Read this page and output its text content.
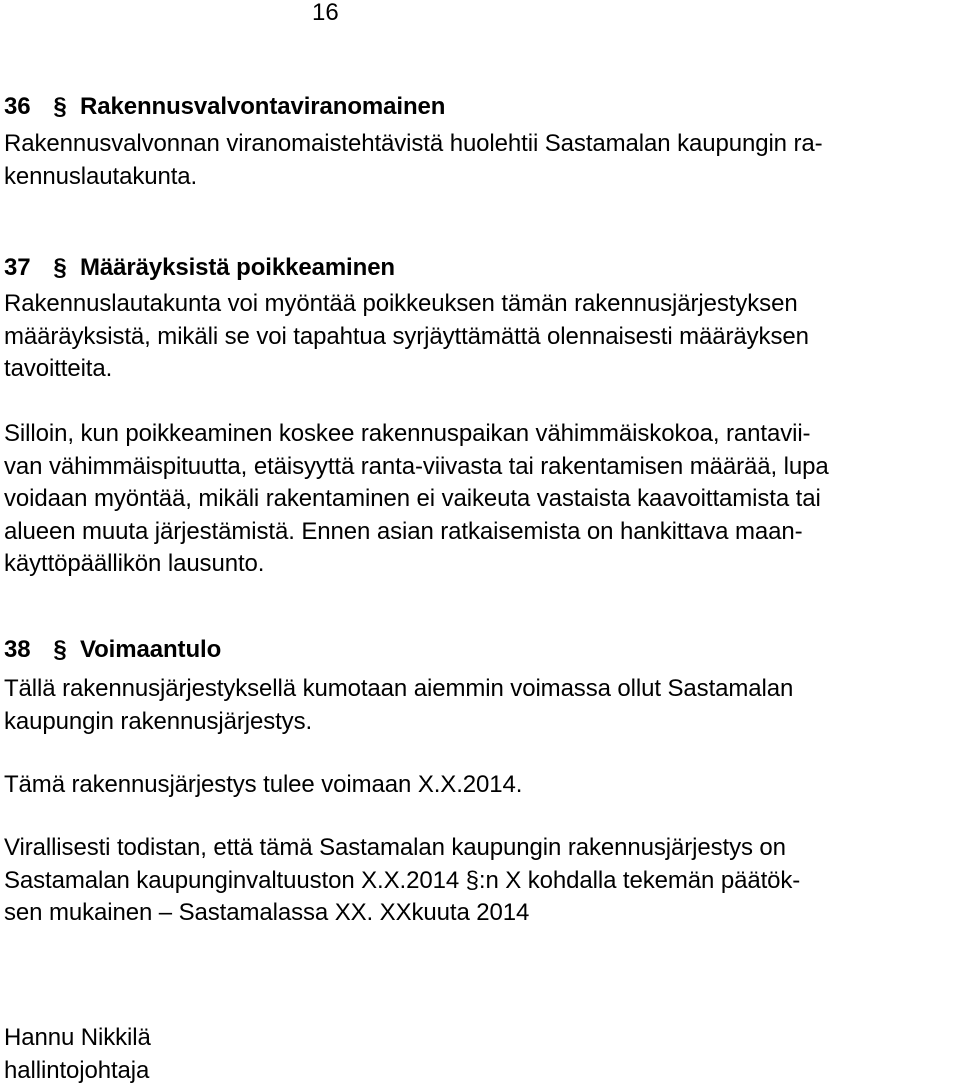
16
36 § Rakennusvalvontaviranomainen
Rakennusvalvonnan viranomaistehtävistä huolehtii Sastamalan kaupungin ra-
kennuslautakunta.
37 § Määräyksistä poikkeaminen
Rakennuslautakunta voi myöntää poikkeuksen tämän rakennusjärjestyksen
määräyksistä, mikäli se voi tapahtua syrjäyttämättä olennaisesti määräyksen
tavoitteita.
Silloin, kun poikkeaminen koskee rakennuspaikan vähimmäiskokoa, rantavii-
van vähimmäispituutta, etäisyyttä ranta-viivasta tai rakentamisen määrää, lupa
voidaan myöntää, mikäli rakentaminen ei vaikeuta vastaista kaavoittamista tai
alueen muuta järjestämistä. Ennen asian ratkaisemista on hankittava maan-
käyttöpäällikön lausunto.
38 § Voimaantulo
Tällä rakennusjärjestyksellä kumotaan aiemmin voimassa ollut Sastamalan
kaupungin rakennusjärjestys.
Tämä rakennusjärjestys tulee voimaan X.X.2014.
Virallisesti todistan, että tämä Sastamalan kaupungin rakennusjärjestys on
Sastamalan kaupunginvaltuuston X.X.2014 §:n X kohdalla tekemän päätök-
sen mukainen – Sastamalassa XX. XXkuuta 2014
Hannu Nikkilä
hallintojohtaja
